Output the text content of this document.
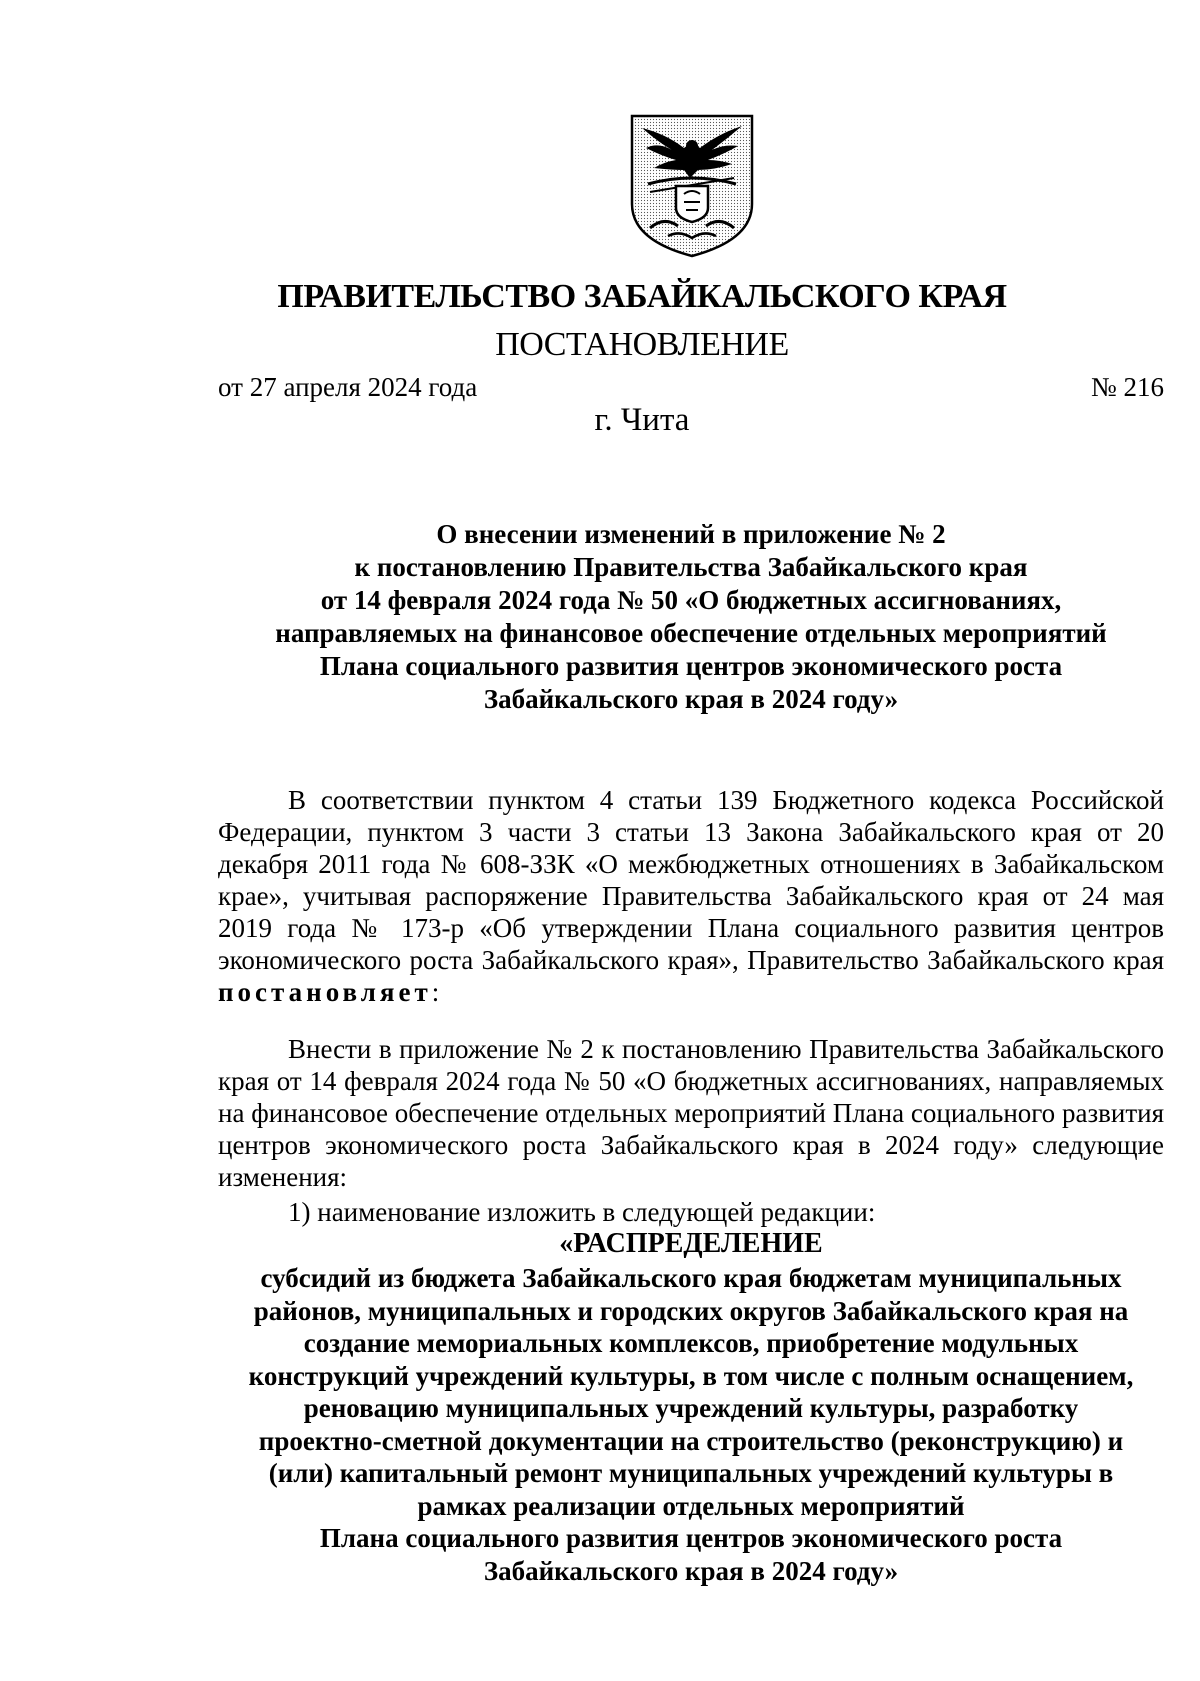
ПРАВИТЕЛЬСТВО ЗАБАЙКАЛЬСКОГО КРАЯ
ПОСТАНОВЛЕНИЕ
от 27 апреля 2024 года	№ 216
г. Чита
О внесении изменений в приложение № 2
к постановлению Правительства Забайкальского края
от 14 февраля 2024 года № 50 «О бюджетных ассигнованиях,
направляемых на финансовое обеспечение отдельных мероприятий
Плана социального развития центров экономического роста
Забайкальского края в 2024 году»
В соответствии пунктом 4 статьи 139 Бюджетного кодекса Российской Федерации, пунктом 3 части 3 статьи 13 Закона Забайкальского края от 20 декабря 2011 года № 608-ЗЗК «О межбюджетных отношениях в Забайкальском крае», учитывая распоряжение Правительства Забайкальского края от 24 мая 2019 года № 173-р «Об утверждении Плана социального развития центров экономического роста Забайкальского края», Правительство Забайкальского края постановляет:
Внести в приложение № 2 к постановлению Правительства Забайкальского края от 14 февраля 2024 года № 50 «О бюджетных ассигнованиях, направляемых на финансовое обеспечение отдельных мероприятий Плана социального развития центров экономического роста Забайкальского края в 2024 году» следующие изменения:
1) наименование изложить в следующей редакции:
«РАСПРЕДЕЛЕНИЕ
субсидий из бюджета Забайкальского края бюджетам муниципальных
районов, муниципальных и городских округов Забайкальского края на
создание мемориальных комплексов, приобретение модульных
конструкций учреждений культуры, в том числе с полным оснащением,
реновацию муниципальных учреждений культуры, разработку
проектно-сметной документации на строительство (реконструкцию) и
(или) капитальный ремонт муниципальных учреждений культуры в
рамках реализации отдельных мероприятий
Плана социального развития центров экономического роста
Забайкальского края в 2024 году»
